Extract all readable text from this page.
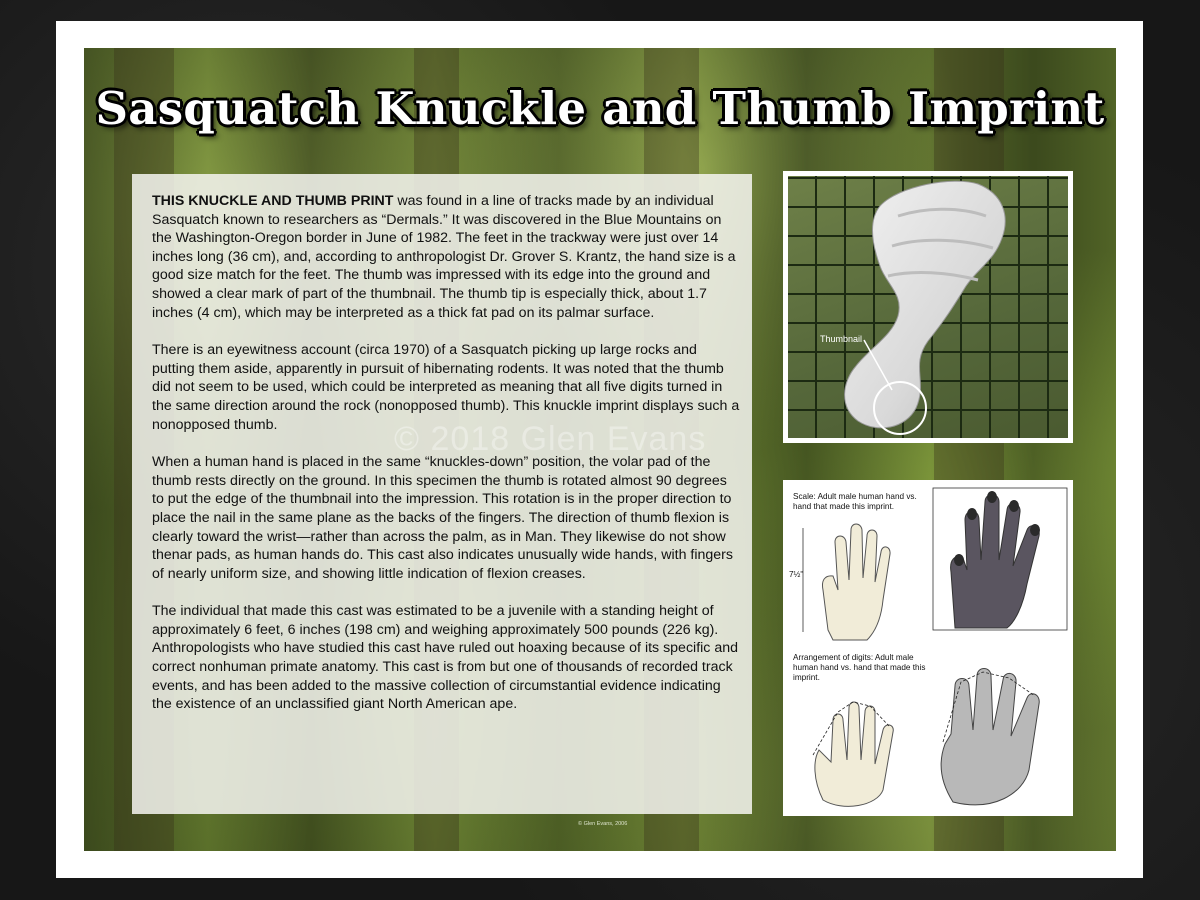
Sasquatch Knuckle and Thumb Imprint

THIS KNUCKLE AND THUMB PRINT was found in a line of tracks made by an individual Sasquatch known to researchers as “Dermals.” It was discovered in the Blue Mountains on the Washington-Oregon border in June of 1982. The feet in the trackway were just over 14 inches long (36 cm), and, according to anthropologist Dr. Grover S. Krantz, the hand size is a good size match for the feet. The thumb was impressed with its edge into the ground and showed a clear mark of part of the thumbnail. The thumb tip is especially thick, about 1.7 inches (4 cm), which may be interpreted as a thick fat pad on its palmar surface.

There is an eyewitness account (circa 1970) of a Sasquatch picking up large rocks and putting them aside, apparently in pursuit of hibernating rodents. It was noted that the thumb did not seem to be used, which could be interpreted as meaning that all five digits turned in the same direction around the rock (nonopposed thumb). This knuckle imprint displays such a nonopposed thumb.

When a human hand is placed in the same “knuckles-down” position, the volar pad of the thumb rests directly on the ground. In this specimen the thumb is rotated almost 90 degrees to put the edge of the thumbnail into the impression. This rotation is in the proper direction to place the nail in the same plane as the backs of the fingers. The direction of thumb flexion is clearly toward the wrist—rather than across the palm, as in Man. They likewise do not show thenar pads, as human hands do. This cast also indicates unusually wide hands, with fingers of nearly uniform size, and showing little indication of flexion creases.

The individual that made this cast was estimated to be a juvenile with a standing height of approximately 6 feet, 6 inches (198 cm) and weighing approximately 500 pounds (226 kg). Anthropologists who have studied this cast have ruled out hoaxing because of its specific and correct nonhuman primate anatomy. This cast is from but one of thousands of recorded track events, and has been added to the massive collection of circumstantial evidence indicating the existence of an unclassified giant North American ape.

Thumbnail
Scale: Adult male human hand vs. hand that made this imprint.
7½"
Arrangement of digits: Adult male human hand vs. hand that made this imprint.
© 2018 Glen Evans
© Glen Evans, 2006
